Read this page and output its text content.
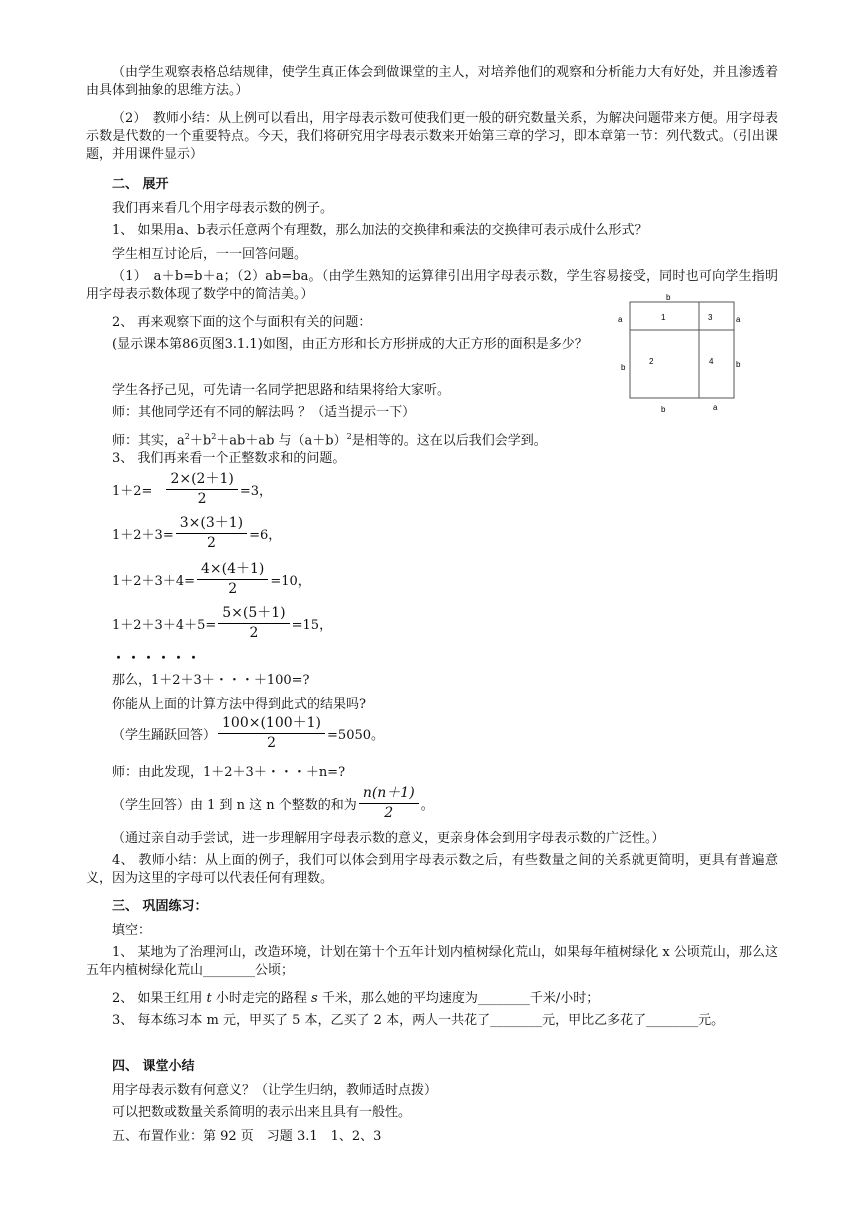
（由学生观察表格总结规律，使学生真正体会到做课堂的主人，对培养他们的观察和分析能力大有好处，并且渗透着由具体到抽象的思维方法。）
（2）　教师小结：从上例可以看出，用字母表示数可使我们更一般的研究数量关系，为解决问题带来方便。用字母表示数是代数的一个重要特点。今天，我们将研究用字母表示数来开始第三章的学习，即本章第一节：列代数式。（引出课题，并用课件显示）
二、 展开
我们再来看几个用字母表示数的例子。
1、 如果用a、b表示任意两个有理数，那么加法的交换律和乘法的交换律可表示成什么形式？
学生相互讨论后，一一回答问题。
（1）　a＋b=b＋a；（2）ab=ba。（由学生熟知的运算律引出用字母表示数，学生容易接受，同时也可向学生指明用字母表示数体现了数学中的简洁美。）
2、 再来观察下面的这个与面积有关的问题：
(显示课本第86页图3.1.1)如图，由正方形和长方形拼成的大正方形的面积是多少？
学生各抒己见，可先请一名同学把思路和结果将给大家听。
师：其他同学还有不同的解法吗 ？（适当提示一下）
师：其实，$a^2+b^2+ab+ab$ 与$(a+b)^2$是相等的。这在以后我们会学到。
b
a
b
a
b
1	3
2	4
b	a
3、 我们再来看一个正整数求和的问题。
$1+2= \frac{2\times(2+1)}{2} =3$，
$1+2+3= \frac{3\times(3+1)}{2} =6$，
$1+2+3+4= \frac{4\times(4+1)}{2} =10$，
$1+2+3+4+5= \frac{5\times(5+1)}{2} =15$，
・・・・・・
那么，1＋2＋3＋・・・＋100=?
你能从上面的计算方法中得到此式的结果吗?
（学生踊跃回答） $\frac{100\times(100+1)}{2} =5050$。
师：由此发现，1＋2＋3＋・・・＋n=?
（学生回答）由 1 到 n 这 n 个整数的和为 $\frac{n(n+1)}{2}$ 。
（通过亲自动手尝试，进一步理解用字母表示数的意义，更亲身体会到用字母表示数的广泛性。）
4、 教师小结：从上面的例子，我们可以体会到用字母表示数之后，有些数量之间的关系就更简明，更具有普遍意义，因为这里的字母可以代表任何有理数。
三、 巩固练习：
填空：
1、 某地为了治理河山，改造环境，计划在第十个五年计划内植树绿化荒山，如果每年植树绿化 x 公顷荒山，那么这五年内植树绿化荒山________公顷；
2、 如果王红用 t 小时走完的路程 s 千米，那么她的平均速度为________千米/小时；
3、 每本练习本 m 元，甲买了 5 本，乙买了 2 本，两人一共花了________元，甲比乙多花了________元。
四、 课堂小结
用字母表示数有何意义？（让学生归纳，教师适时点拨）
可以把数或数量关系简明的表示出来且具有一般性。
五、布置作业：第 92 页　习题 3.1　1、2、3
